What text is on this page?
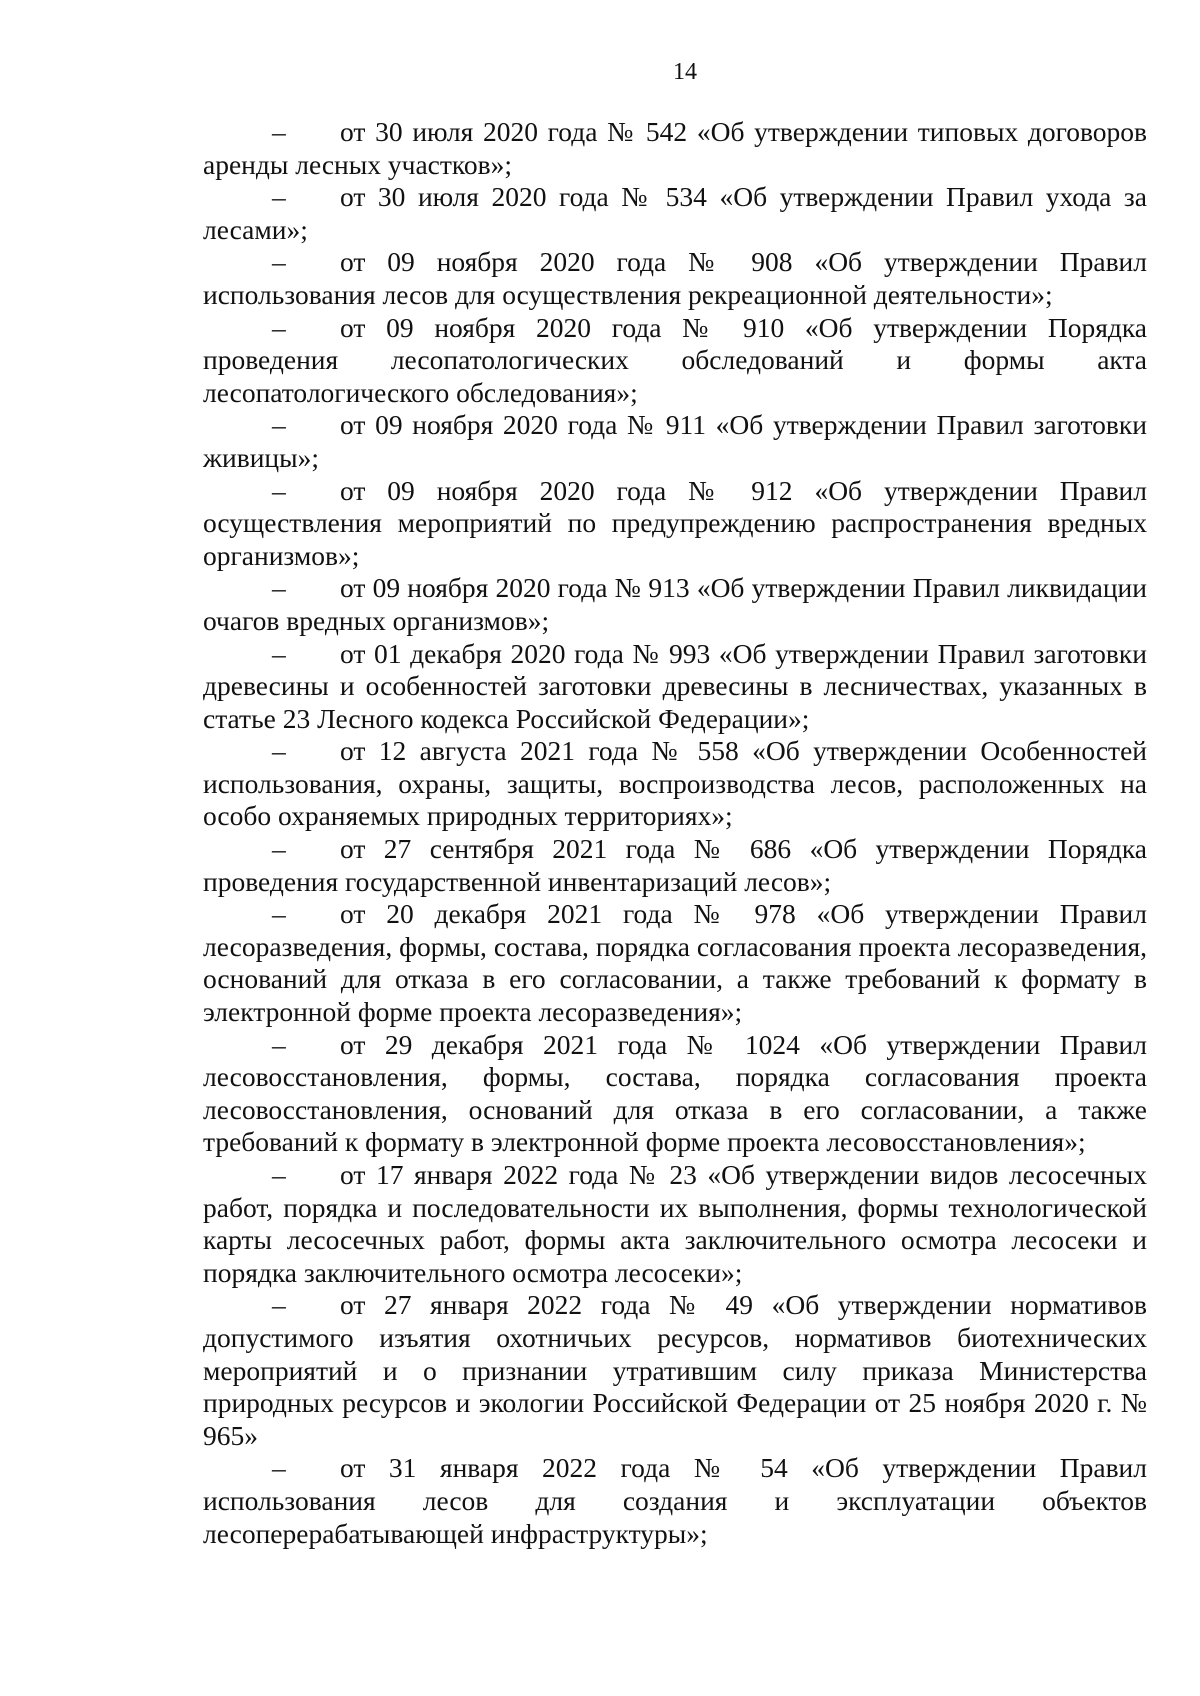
14

– от 30 июля 2020 года № 542 «Об утверждении типовых договоров аренды лесных участков»;

– от 30 июля 2020 года № 534 «Об утверждении Правил ухода за лесами»;

– от 09 ноября 2020 года № 908 «Об утверждении Правил использования лесов для осуществления рекреационной деятельности»;

– от 09 ноября 2020 года № 910 «Об утверждении Порядка проведения лесопатологических обследований и формы акта лесопатологического обследования»;

– от 09 ноября 2020 года № 911 «Об утверждении Правил заготовки живицы»;

– от 09 ноября 2020 года № 912 «Об утверждении Правил осуществления мероприятий по предупреждению распространения вредных организмов»;

– от 09 ноября 2020 года № 913 «Об утверждении Правил ликвидации очагов вредных организмов»;

– от 01 декабря 2020 года № 993 «Об утверждении Правил заготовки древесины и особенностей заготовки древесины в лесничествах, указанных в статье 23 Лесного кодекса Российской Федерации»;

– от 12 августа 2021 года № 558 «Об утверждении Особенностей использования, охраны, защиты, воспроизводства лесов, расположенных на особо охраняемых природных территориях»;

– от 27 сентября 2021 года № 686 «Об утверждении Порядка проведения государственной инвентаризаций лесов»;

– от 20 декабря 2021 года № 978 «Об утверждении Правил лесоразведения, формы, состава, порядка согласования проекта лесоразведения, оснований для отказа в его согласовании, а также требований к формату в электронной форме проекта лесоразведения»;

– от 29 декабря 2021 года № 1024 «Об утверждении Правил лесовосстановления, формы, состава, порядка согласования проекта лесовосстановления, оснований для отказа в его согласовании, а также требований к формату в электронной форме проекта лесовосстановления»;

– от 17 января 2022 года № 23 «Об утверждении видов лесосечных работ, порядка и последовательности их выполнения, формы технологической карты лесосечных работ, формы акта заключительного осмотра лесосеки и порядка заключительного осмотра лесосеки»;

– от 27 января 2022 года № 49 «Об утверждении нормативов допустимого изъятия охотничьих ресурсов, нормативов биотехнических мероприятий и о признании утратившим силу приказа Министерства природных ресурсов и экологии Российской Федерации от 25 ноября 2020 г. № 965»

– от 31 января 2022 года № 54 «Об утверждении Правил использования лесов для создания и эксплуатации объектов лесоперерабатывающей инфраструктуры»;
